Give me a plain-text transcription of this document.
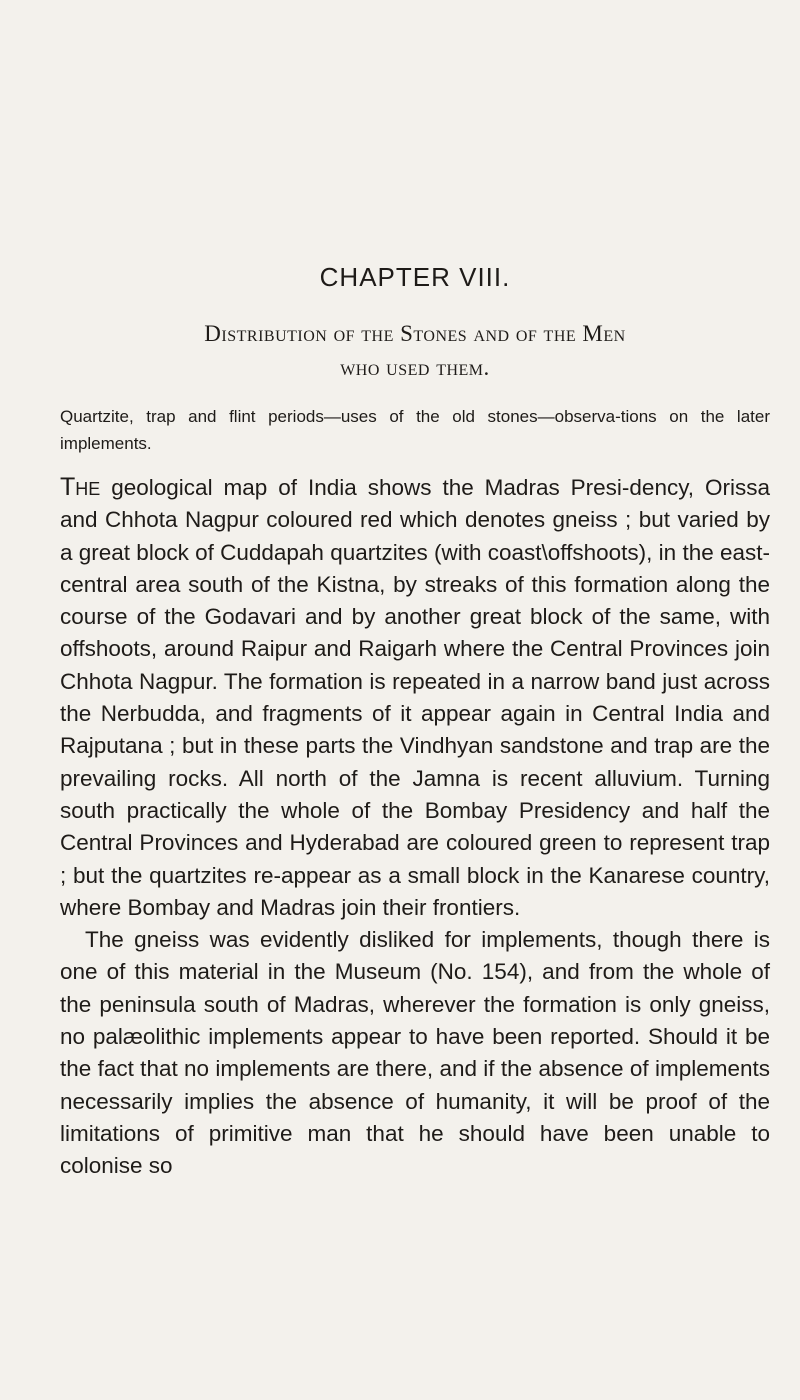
CHAPTER VIII.
Distribution of the Stones and of the Men
who used them.

Quartzite, trap and flint periods—uses of the old stones—observa-tions on the later implements.

The geological map of India shows the Madras Presi-dency, Orissa and Chhota Nagpur coloured red which denotes gneiss ; but varied by a great block of Cuddapah quartzites (with coast\offshoots), in the east-central area south of the Kistna, by streaks of this formation along the course of the Godavari and by another great block of the same, with offshoots, around Raipur and Raigarh where the Central Provinces join Chhota Nagpur. The formation is repeated in a narrow band just across the Nerbudda, and fragments of it appear again in Central India and Rajputana ; but in these parts the Vindhyan sandstone and trap are the prevailing rocks. All north of the Jamna is recent alluvium. Turning south practically the whole of the Bombay Presidency and half the Central Provinces and Hyderabad are coloured green to represent trap ; but the quartzites re-appear as a small block in the Kanarese country, where Bombay and Madras join their frontiers.

The gneiss was evidently disliked for implements, though there is one of this material in the Museum (No. 154), and from the whole of the peninsula south of Madras, wherever the formation is only gneiss, no palæolithic implements appear to have been reported. Should it be the fact that no implements are there, and if the absence of implements necessarily implies the absence of humanity, it will be proof of the limitations of primitive man that he should have been unable to colonise so
